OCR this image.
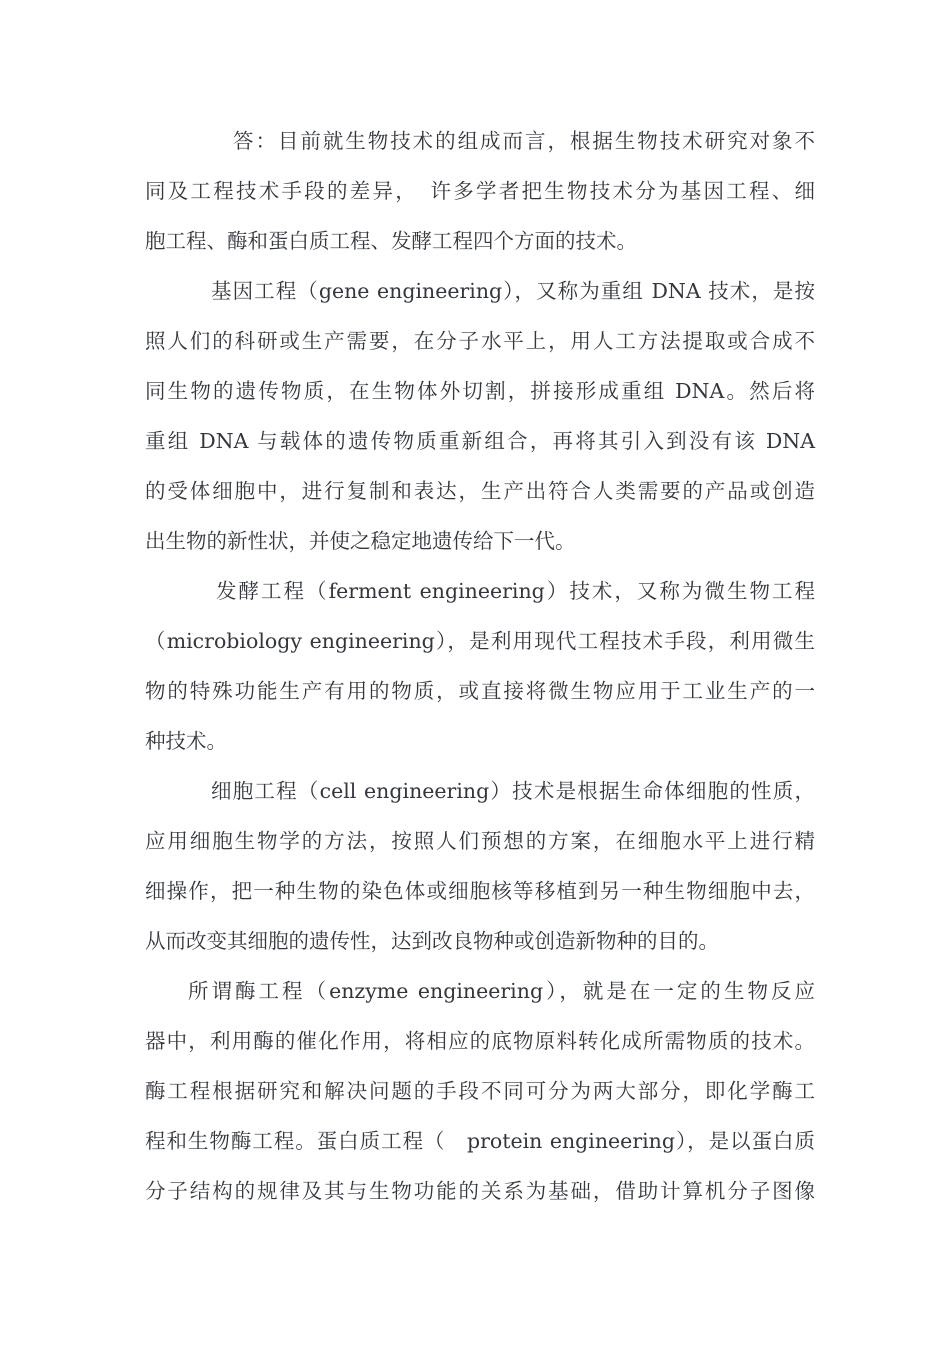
答：目前就生物技术的组成而言，根据生物技术研究对象不
同及工程技术手段的差异，　许多学者把生物技术分为基因工程、细
胞工程、酶和蛋白质工程、发酵工程四个方面的技术。
基因工程（gene engineering），又称为重组 DNA 技术，是按
照人们的科研或生产需要，在分子水平上，用人工方法提取或合成不
同生物的遗传物质，在生物体外切割，拼接形成重组 DNA。然后将
重组 DNA 与载体的遗传物质重新组合，再将其引入到没有该 DNA
的受体细胞中，进行复制和表达，生产出符合人类需要的产品或创造
出生物的新性状，并使之稳定地遗传给下一代。
发酵工程（ferment engineering）技术，又称为微生物工程
（microbiology engineering），是利用现代工程技术手段，利用微生
物的特殊功能生产有用的物质，或直接将微生物应用于工业生产的一
种技术。
细胞工程（cell engineering）技术是根据生命体细胞的性质，
应用细胞生物学的方法，按照人们预想的方案，在细胞水平上进行精
细操作，把一种生物的染色体或细胞核等移植到另一种生物细胞中去，
从而改变其细胞的遗传性，达到改良物种或创造新物种的目的。
所谓酶工程（enzyme engineering），就是在一定的生物反应
器中，利用酶的催化作用，将相应的底物原料转化成所需物质的技术。
酶工程根据研究和解决问题的手段不同可分为两大部分，即化学酶工
程和生物酶工程。蛋白质工程（　protein engineering），是以蛋白质
分子结构的规律及其与生物功能的关系为基础，借助计算机分子图像
